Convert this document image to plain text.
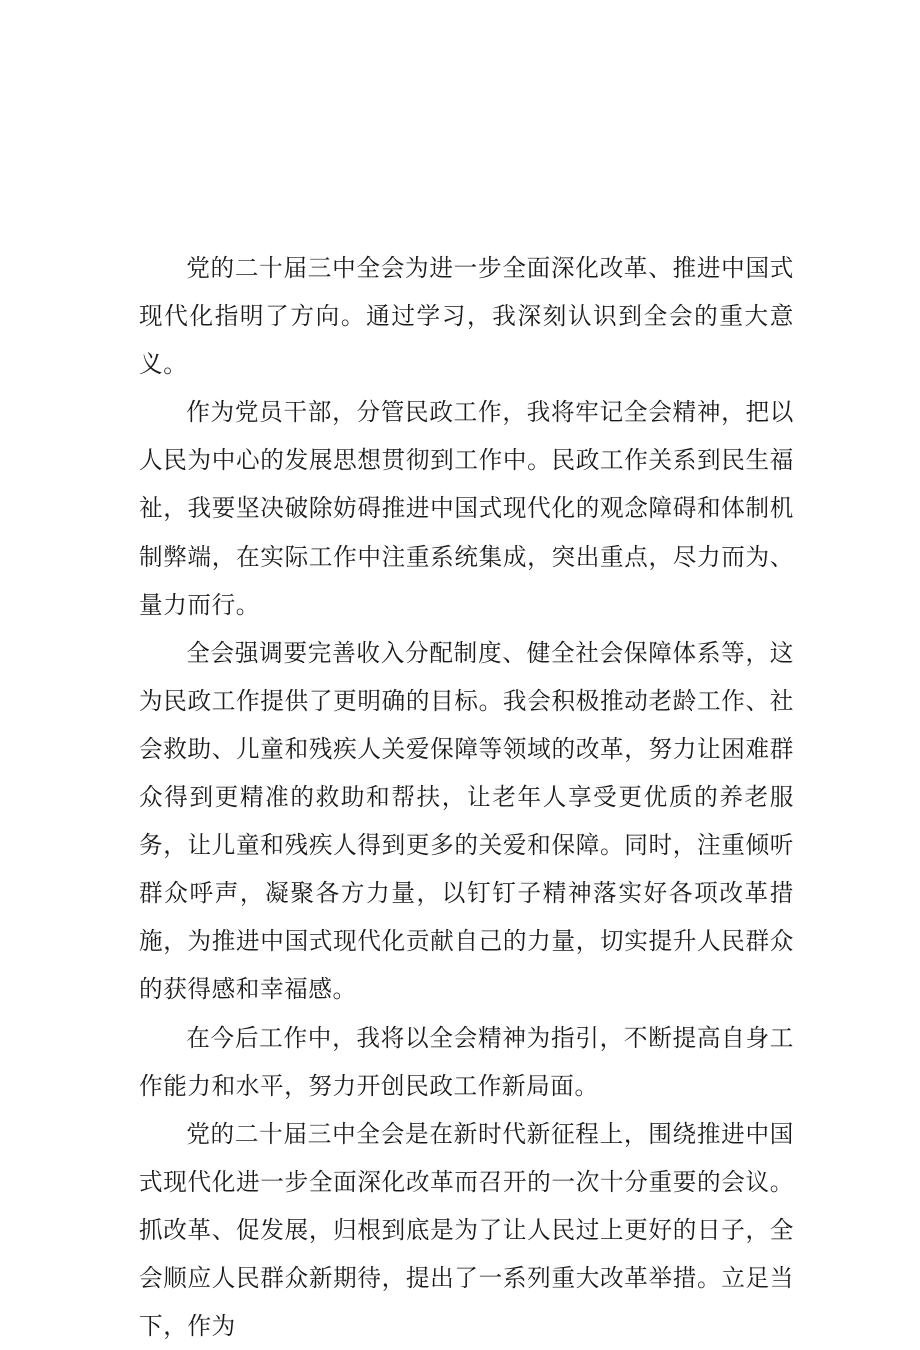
党的二十届三中全会为进一步全面深化改革、推进中国式现代化指明了方向。通过学习，我深刻认识到全会的重大意义。

作为党员干部，分管民政工作，我将牢记全会精神，把以人民为中心的发展思想贯彻到工作中。民政工作关系到民生福祉，我要坚决破除妨碍推进中国式现代化的观念障碍和体制机制弊端，在实际工作中注重系统集成，突出重点，尽力而为、量力而行。

全会强调要完善收入分配制度、健全社会保障体系等，这为民政工作提供了更明确的目标。我会积极推动老龄工作、社会救助、儿童和残疾人关爱保障等领域的改革，努力让困难群众得到更精准的救助和帮扶，让老年人享受更优质的养老服务，让儿童和残疾人得到更多的关爱和保障。同时，注重倾听群众呼声，凝聚各方力量，以钉钉子精神落实好各项改革措施，为推进中国式现代化贡献自己的力量，切实提升人民群众的获得感和幸福感。

在今后工作中，我将以全会精神为指引，不断提高自身工作能力和水平，努力开创民政工作新局面。

党的二十届三中全会是在新时代新征程上，围绕推进中国式现代化进一步全面深化改革而召开的一次十分重要的会议。抓改革、促发展，归根到底是为了让人民过上更好的日子，全会顺应人民群众新期待，提出了一系列重大改革举措。立足当下，作为
